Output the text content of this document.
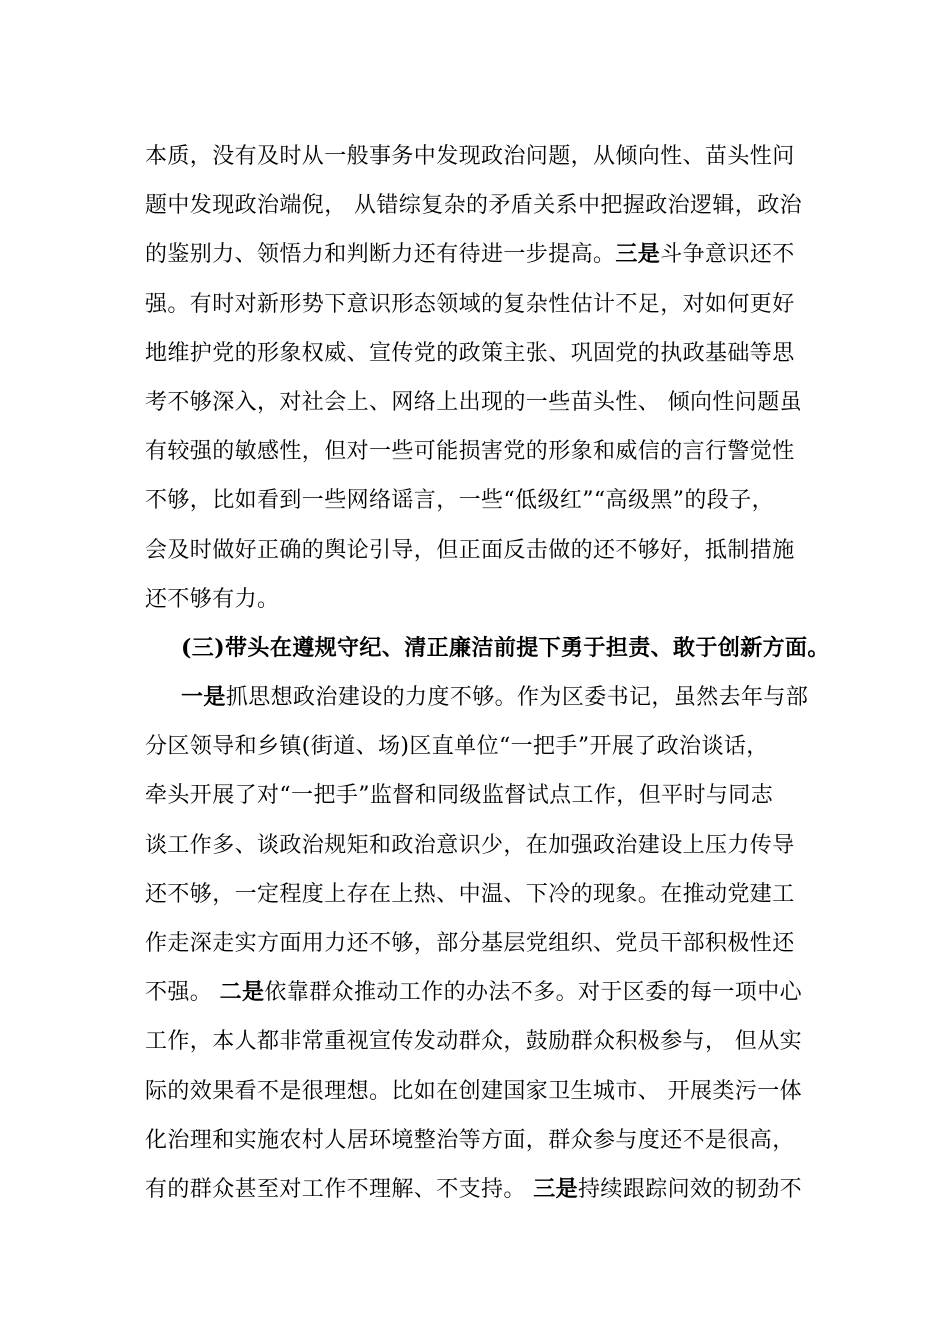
本质，没有及时从一般事务中发现政治问题，从倾向性、苗头性问
题中发现政治端倪， 从错综复杂的矛盾关系中把握政治逻辑，政治
的鉴别力、领悟力和判断力还有待进一步提高。三是斗争意识还不
强。有时对新形势下意识形态领域的复杂性估计不足，对如何更好
地维护党的形象权威、宣传党的政策主张、巩固党的执政基础等思
考不够深入，对社会上、网络上出现的一些苗头性、 倾向性问题虽
有较强的敏感性，但对一些可能损害党的形象和威信的言行警觉性
不够，比如看到一些网络谣言，一些“低级红”“高级黑”的段子，
会及时做好正确的舆论引导，但正面反击做的还不够好，抵制措施
还不够有力。
(三)带头在遵规守纪、清正廉洁前提下勇于担责、敢于创新方面。
一是抓思想政治建设的力度不够。作为区委书记，虽然去年与部
分区领导和乡镇(街道、场)区直单位“一把手”开展了政治谈话，
牵头开展了对“一把手”监督和同级监督试点工作，但平时与同志
谈工作多、谈政治规矩和政治意识少，在加强政治建设上压力传导
还不够，一定程度上存在上热、中温、下冷的现象。在推动党建工
作走深走实方面用力还不够，部分基层党组织、党员干部积极性还
不强。 二是依靠群众推动工作的办法不多。对于区委的每一项中心
工作，本人都非常重视宣传发动群众，鼓励群众积极参与， 但从实
际的效果看不是很理想。比如在创建国家卫生城市、 开展类污一体
化治理和实施农村人居环境整治等方面，群众参与度还不是很高，
有的群众甚至对工作不理解、不支持。 三是持续跟踪问效的韧劲不
